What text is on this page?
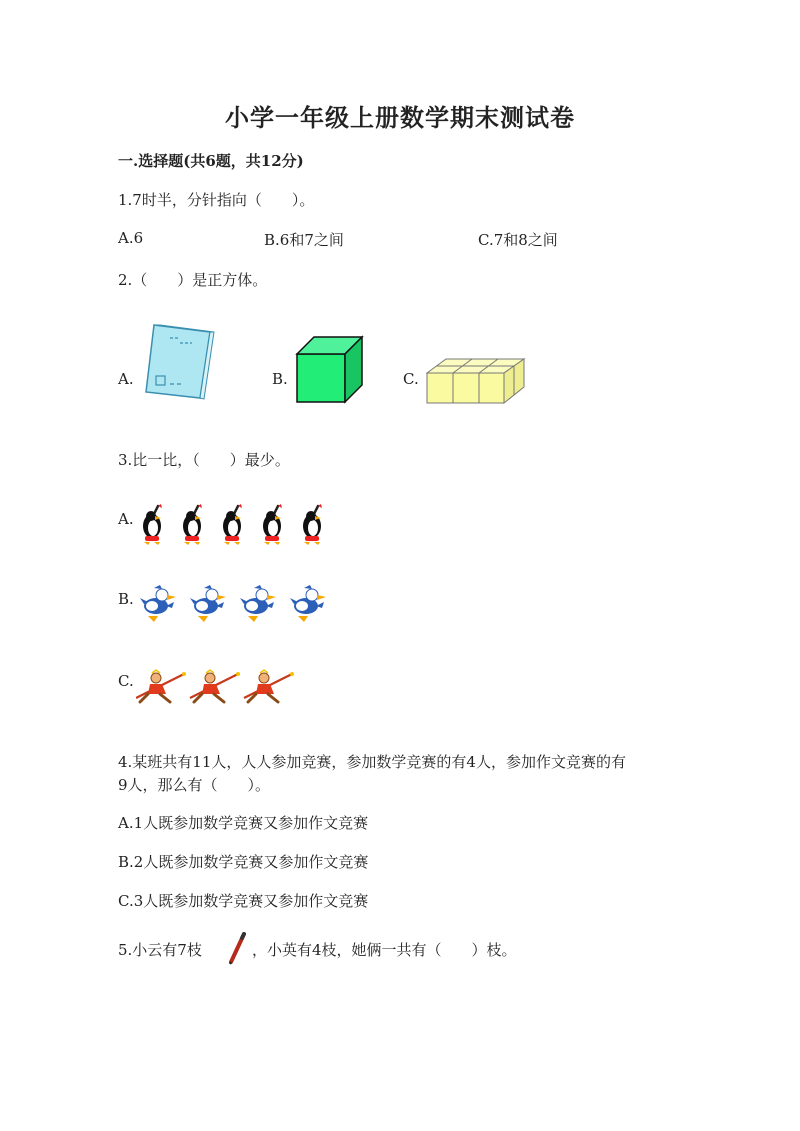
小学一年级上册数学期末测试卷
一.选择题(共6题，共12分)
1.7时半，分针指向（　　）。
A.6	B.6和7之间	C.7和8之间
2.（　　）是正方体。
A.	B.	C.
3.比一比，（　　）最少。
A.
B.
C.
4.某班共有11人，人人参加竞赛，参加数学竞赛的有4人，参加作文竞赛的有
9人，那么有（　　）。
A.1人既参加数学竞赛又参加作文竞赛
B.2人既参加数学竞赛又参加作文竞赛
C.3人既参加数学竞赛又参加作文竞赛
5.小云有7枝	，小英有4枝，她俩一共有（　　）枝。
